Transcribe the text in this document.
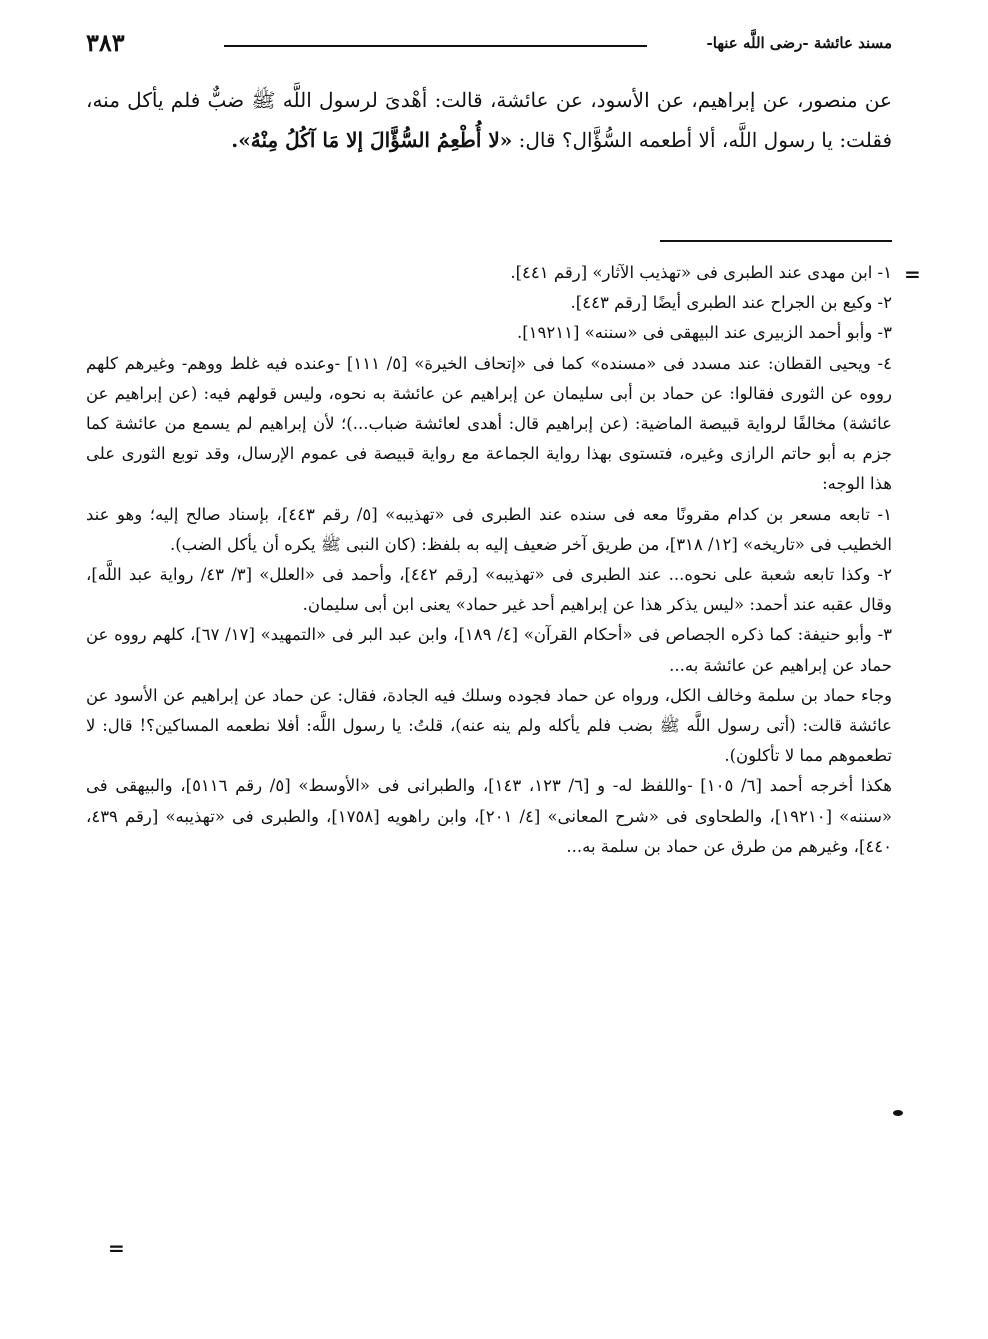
مسند عائشة -رضى اللَّه عنها-
٣٨٣
عن منصور، عن إبراهيم، عن الأسود، عن عائشة، قالت: أهْدىَ لرسول اللَّه ﷺ ضبٌّ فلم يأكل منه، فقلت: يا رسول اللَّه، ألا أطعمه السُّؤَّال؟ قال: «لا أُطْعِمُ السُّؤَّالَ إلا مَا آكُلُ مِنْهُ».
=
=

١- ابن مهدى عند الطبرى فى «تهذيب الآثار» [رقم ٤٤١].

٢- وكيع بن الجراح عند الطبرى أيضًا [رقم ٤٤٣].

٣- وأبو أحمد الزبيرى عند البيهقى فى «سننه» [١٩٢١١].

٤- ويحيى القطان: عند مسدد فى «مسنده» كما فى «إتحاف الخيرة» [٥/ ١١١] -وعنده فيه غلط ووهم- وغيرهم كلهم رووه عن الثورى فقالوا: عن حماد بن أبى سليمان عن إبراهيم عن عائشة به نحوه، وليس قولهم فيه: (عن إبراهيم عن عائشة) مخالفًا لرواية قبيصة الماضية: (عن إبراهيم قال: أهدى لعائشة ضباب...)؛ لأن إبراهيم لم يسمع من عائشة كما جزم به أبو حاتم الرازى وغيره، فتستوى بهذا رواية الجماعة مع رواية قبيصة فى عموم الإرسال، وقد توبع الثورى على هذا الوجه:

١- تابعه مسعر بن كدام مقرونًا معه فى سنده عند الطبرى فى «تهذيبه» [٥/ رقم ٤٤٣]، بإسناد صالح إليه؛ وهو عند الخطيب فى «تاريخه» [١٢/ ٣١٨]، من طريق آخر ضعيف إليه به بلفظ: (كان النبى ﷺ يكره أن يأكل الضب).

٢- وكذا تابعه شعبة على نحوه... عند الطبرى فى «تهذيبه» [رقم ٤٤٢]، وأحمد فى «العلل» [٣/ ٤٣/ رواية عبد اللَّه]، وقال عقبه عند أحمد: «ليس يذكر هذا عن إبراهيم أحد غير حماد» يعنى ابن أبى سليمان.

٣- وأبو حنيفة: كما ذكره الجصاص فى «أحكام القرآن» [٤/ ١٨٩]، وابن عبد البر فى «التمهيد» [١٧/ ٦٧]، كلهم رووه عن حماد عن إبراهيم عن عائشة به...

وجاء حماد بن سلمة وخالف الكل، ورواه عن حماد فجوده وسلك فيه الجادة، فقال: عن حماد عن إبراهيم عن الأسود عن عائشة قالت: (أتى رسول اللَّه ﷺ بضب فلم يأكله ولم ينه عنه)، قلتُ: يا رسول اللَّه: أفلا نطعمه المساكين؟! قال: لا تطعموهم مما لا تأكلون).

هكذا أخرجه أحمد [٦/ ١٠٥] -واللفظ له- و [٦/ ١٢٣، ١٤٣]، والطبرانى فى «الأوسط» [٥/ رقم ٥١١٦]، والبيهقى فى «سننه» [١٩٢١٠]، والطحاوى فى «شرح المعانى» [٤/ ٢٠١]، وابن راهويه [١٧٥٨]، والطبرى فى «تهذيبه» [رقم ٤٣٩، ٤٤٠]، وغيرهم من طرق عن حماد بن سلمة به...
